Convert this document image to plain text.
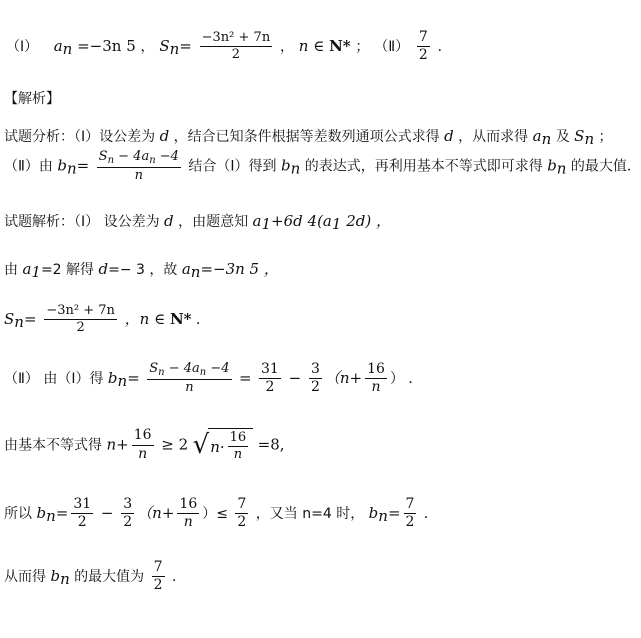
（Ⅰ） $a_n =-3n$ 5 ， $S_n= \frac{\text{−3n² + 7n}}{2}$ ， n ∈ N* ； （Ⅱ） $\frac{7}{2}$ ．
【解析】
试题分析：（Ⅰ）设公差为 d ，结合已知条件根据等差数列通项公式求得 d ，从而求得 $a_n$ 及 $S_n$ ；
（Ⅱ）由 $b_n= \frac{S_n - 4a_n -4}{n}$ 结合（Ⅰ）得到 $b_n$ 的表达式，再利用基本不等式即可求得 $b_n$ 的最大值．
试题解析：（Ⅰ） 设公差为 d ，由题意知 $a_1+6d$ $4(a_1$ 2d) ，
由 $a_1=2$ 解得 d=− 3 ，故 $a_n=-3n$ 5 ，
$S_n= \frac{\text{−3n² + 7n}}{2}$ ，n ∈ N* ．
（Ⅱ） 由（Ⅰ）得 $b_n= \frac{S_n - 4a_n -4}{n} = \frac{31}{2} - \frac{3}{2} (n+ \frac{16}{n}$ ） ．
由基本不等式得 $n+ \frac{16}{n} \ge 2$ √ $n\cdot \frac{16}{n} =8$,
所以 $b_n= \frac{31}{2} - \frac{3}{2} (n+ \frac{16}{n}$ ）≤ $\frac{7}{2}$ ，又当 n=4 时， $b_n= \frac{7}{2}$ ．
从而得 $b_n$ 的最大值为 $\frac{7}{2}$ ．
